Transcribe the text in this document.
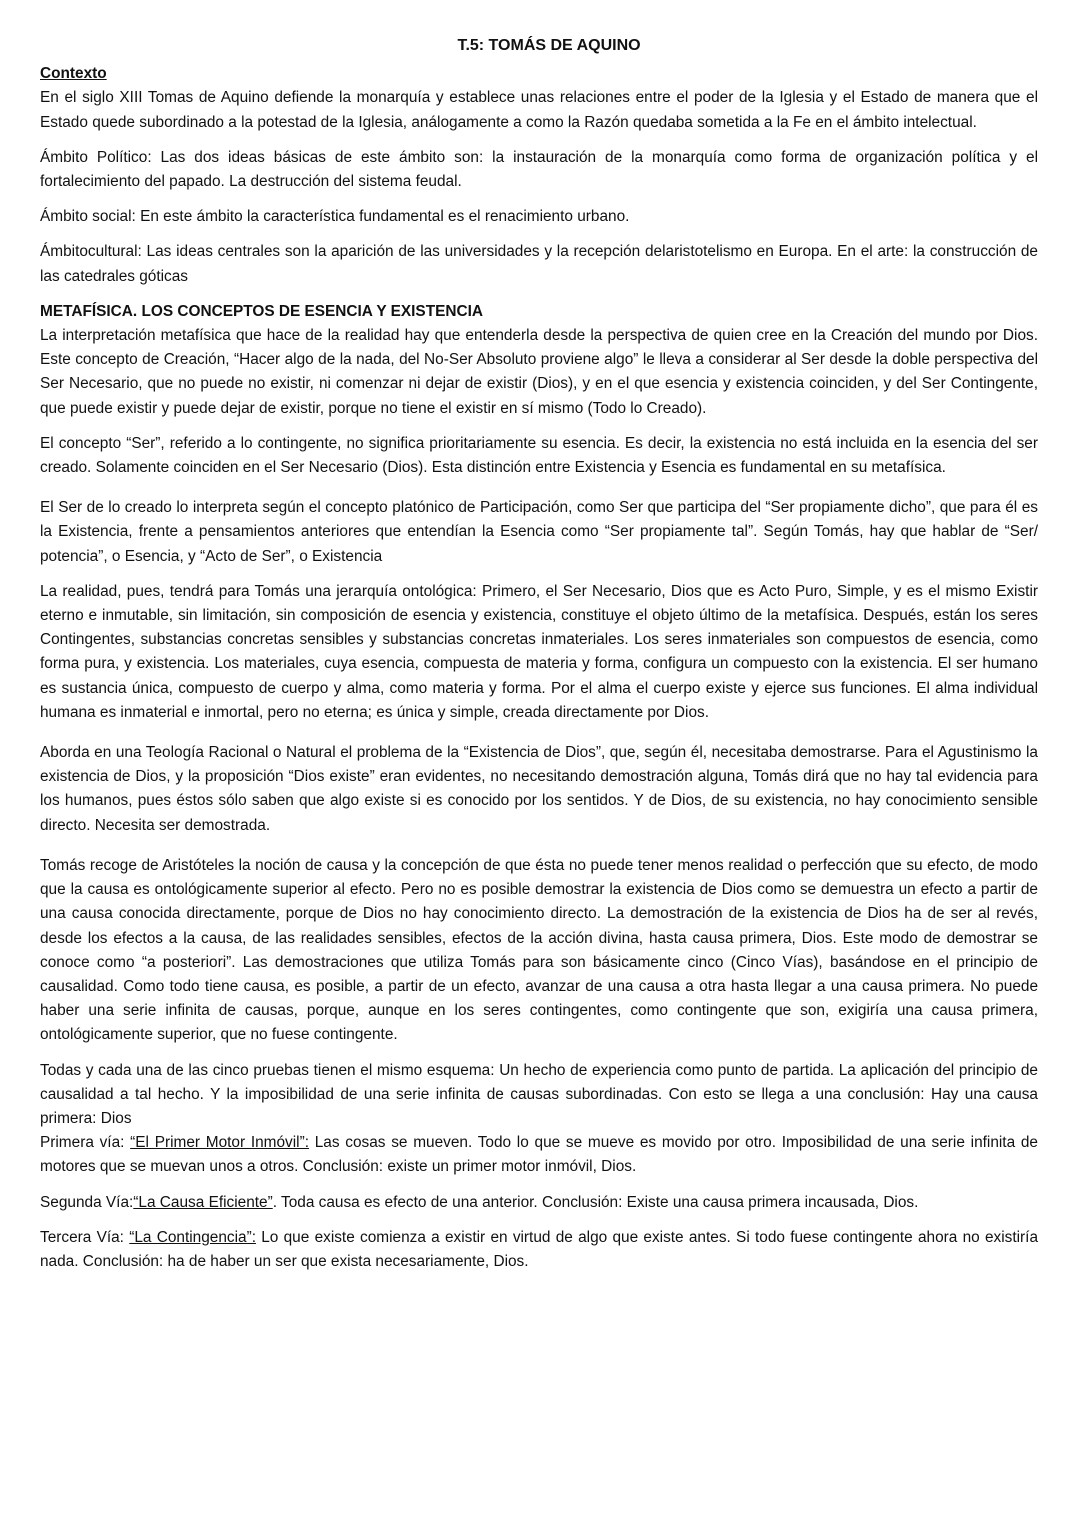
T.5: TOMÁS DE AQUINO
Contexto

En el siglo XIII Tomas de Aquino defiende la monarquía y establece unas relaciones entre el poder de la Iglesia y el Estado de manera que el Estado quede subordinado a la potestad de la Iglesia, análogamente a como la Razón quedaba sometida a la Fe en el ámbito intelectual.

Ámbito Político: Las dos ideas básicas de este ámbito son: la instauración de la monarquía como forma de organización política y el fortalecimiento del papado. La destrucción del sistema feudal.

Ámbito social: En este ámbito la característica fundamental es el renacimiento urbano.

Ámbitocultural: Las ideas centrales son la aparición de las universidades y la recepción delaristotelismo en Europa. En el arte: la construcción de las catedrales góticas

METAFÍSICA. LOS CONCEPTOS DE ESENCIA Y EXISTENCIA

La interpretación metafísica que hace de la realidad hay que entenderla desde la perspectiva de quien cree en la Creación del mundo por Dios. Este concepto de Creación, “Hacer algo de la nada, del No-Ser Absoluto proviene algo” le lleva a considerar al Ser desde la doble perspectiva del Ser Necesario, que no puede no existir, ni comenzar ni dejar de existir (Dios), y en el que esencia y existencia coinciden, y del Ser Contingente, que puede existir y puede dejar de existir, porque no tiene el existir en sí mismo (Todo lo Creado).

El concepto “Ser”, referido a lo contingente, no significa prioritariamente su esencia. Es decir, la existencia no está incluida en la esencia del ser creado. Solamente coinciden en el Ser Necesario (Dios). Esta distinción entre Existencia y Esencia es fundamental en su metafísica.

El Ser de lo creado lo interpreta según el concepto platónico de Participación, como Ser que participa del “Ser propiamente dicho”, que para él es la Existencia, frente a pensamientos anteriores que entendían la Esencia como “Ser propiamente tal”. Según Tomás, hay que hablar de “Ser/ potencia”, o Esencia, y “Acto de Ser”, o Existencia

La realidad, pues, tendrá para Tomás una jerarquía ontológica: Primero, el Ser Necesario, Dios que es Acto Puro, Simple, y es el mismo Existir eterno e inmutable, sin limitación, sin composición de esencia y existencia, constituye el objeto último de la metafísica. Después, están los seres Contingentes, substancias concretas sensibles y substancias concretas inmateriales. Los seres inmateriales son compuestos de esencia, como forma pura, y existencia. Los materiales, cuya esencia, compuesta de materia y forma, configura un compuesto con la existencia. El ser humano es sustancia única, compuesto de cuerpo y alma, como materia y forma. Por el alma el cuerpo existe y ejerce sus funciones. El alma individual humana es inmaterial e inmortal, pero no eterna; es única y simple, creada directamente por Dios.

Aborda en una Teología Racional o Natural el problema de la “Existencia de Dios”, que, según él, necesitaba demostrarse. Para el Agustinismo la existencia de Dios, y la proposición “Dios existe” eran evidentes, no necesitando demostración alguna, Tomás dirá que no hay tal evidencia para los humanos, pues éstos sólo saben que algo existe si es conocido por los sentidos. Y de Dios, de su existencia, no hay conocimiento sensible directo. Necesita ser demostrada.

Tomás recoge de Aristóteles la noción de causa y la concepción de que ésta no puede tener menos realidad o perfección que su efecto, de modo que la causa es ontológicamente superior al efecto. Pero no es posible demostrar la existencia de Dios como se demuestra un efecto a partir de una causa conocida directamente, porque de Dios no hay conocimiento directo. La demostración de la existencia de Dios ha de ser al revés, desde los efectos a la causa, de las realidades sensibles, efectos de la acción divina, hasta causa primera, Dios. Este modo de demostrar se conoce como “a posteriori”. Las demostraciones que utiliza Tomás para son básicamente cinco (Cinco Vías), basándose en el principio de causalidad. Como todo tiene causa, es posible, a partir de un efecto, avanzar de una causa a otra hasta llegar a una causa primera. No puede haber una serie infinita de causas, porque, aunque en los seres contingentes, como contingente que son, exigiría una causa primera, ontológicamente superior, que no fuese contingente.

Todas y cada una de las cinco pruebas tienen el mismo esquema: Un hecho de experiencia como punto de partida. La aplicación del principio de causalidad a tal hecho. Y la imposibilidad de una serie infinita de causas subordinadas. Con esto se llega a una conclusión: Hay una causa primera: Dios

Primera vía: “El Primer Motor Inmóvil”: Las cosas se mueven. Todo lo que se mueve es movido por otro. Imposibilidad de una serie infinita de motores que se muevan unos a otros. Conclusión: existe un primer motor inmóvil, Dios.

Segunda Vía:“La Causa Eficiente”. Toda causa es efecto de una anterior. Conclusión: Existe una causa primera incausada, Dios.

Tercera Vía: “La Contingencia”: Lo que existe comienza a existir en virtud de algo que existe antes. Si todo fuese contingente ahora no existiría nada. Conclusión: ha de haber un ser que exista necesariamente, Dios.
